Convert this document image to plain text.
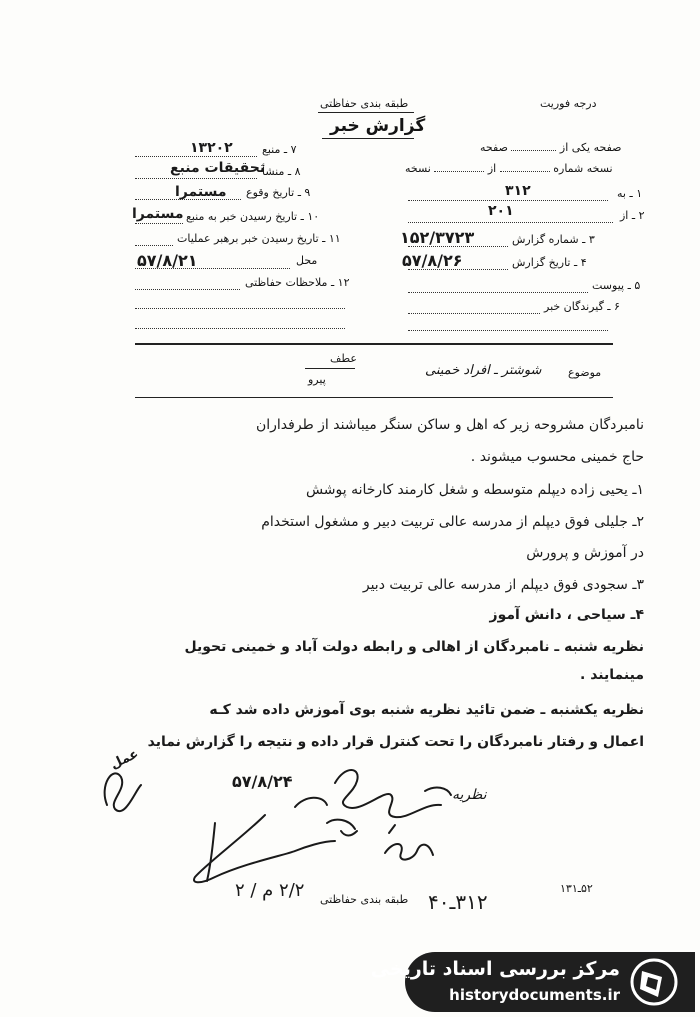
درجه فوریت
طبقه بندی حفاظتی
گزارش خبر
صفحه یکی از  صفحه
نسخه شماره  از  نسخه
۱ ـ به
۳۱۲
۲ ـ از
۲۰۱
۳ ـ شماره گزارش
۱۵۲/۳۷۲۳
۴ ـ تاریخ گزارش
۵۷/۸/۲۶
۵ ـ پیوست
۶ ـ گیرندگان خبر
۷ ـ منبع
۱۳۲۰۲
۸ ـ منشأ
تحقیقات منبع
۹ ـ تاریخ وقوع
مستمرا
۱۰ ـ تاریخ رسیدن خبر به منبع
مستمرا
۱۱ ـ تاریخ رسیدن خبر برهبر عملیات
محل
۵۷/۸/۲۱
۱۲ ـ ملاحظات حفاظتی
عطف
پیرو
موضوع
شوشتر ـ افراد خمینی
نامبردگان مشروحه زیر که اهل و ساکن سنگر میباشند از طرفداران
حاج خمینی محسوب میشوند .
۱ـ یحیی زاده دیپلم متوسطه و شغل کارمند کارخانه پوشش
۲ـ جلیلی فوق دیپلم از مدرسه عالی تربیت دبیر و مشغول استخدام
در آموزش و پرورش
۳ـ سجودی فوق دیپلم از مدرسه عالی تربیت دبیر
۴ـ سیاحی ، دانش آموز
نظریه شنبه ـ نامبردگان از اهالی و رابطه دولت آباد و خمینی تحویل
مینمایند .
نظریه یکشنبه ـ ضمن تائید نظریه شنبه بوی آموزش داده شد کـه
اعمال و رفتار نامبردگان را تحت کنترل قرار داده و نتیجه را گزارش نماید
نظریه
۵۷/۸/۲۴
عمل
طبقه بندی حفاظتی
۲/۲ م / ۲	۳۱۲ـ۴۰
۵۲ـ۱۳۱
مرکز بررسی اسناد تاریخی
historydocuments.ir
